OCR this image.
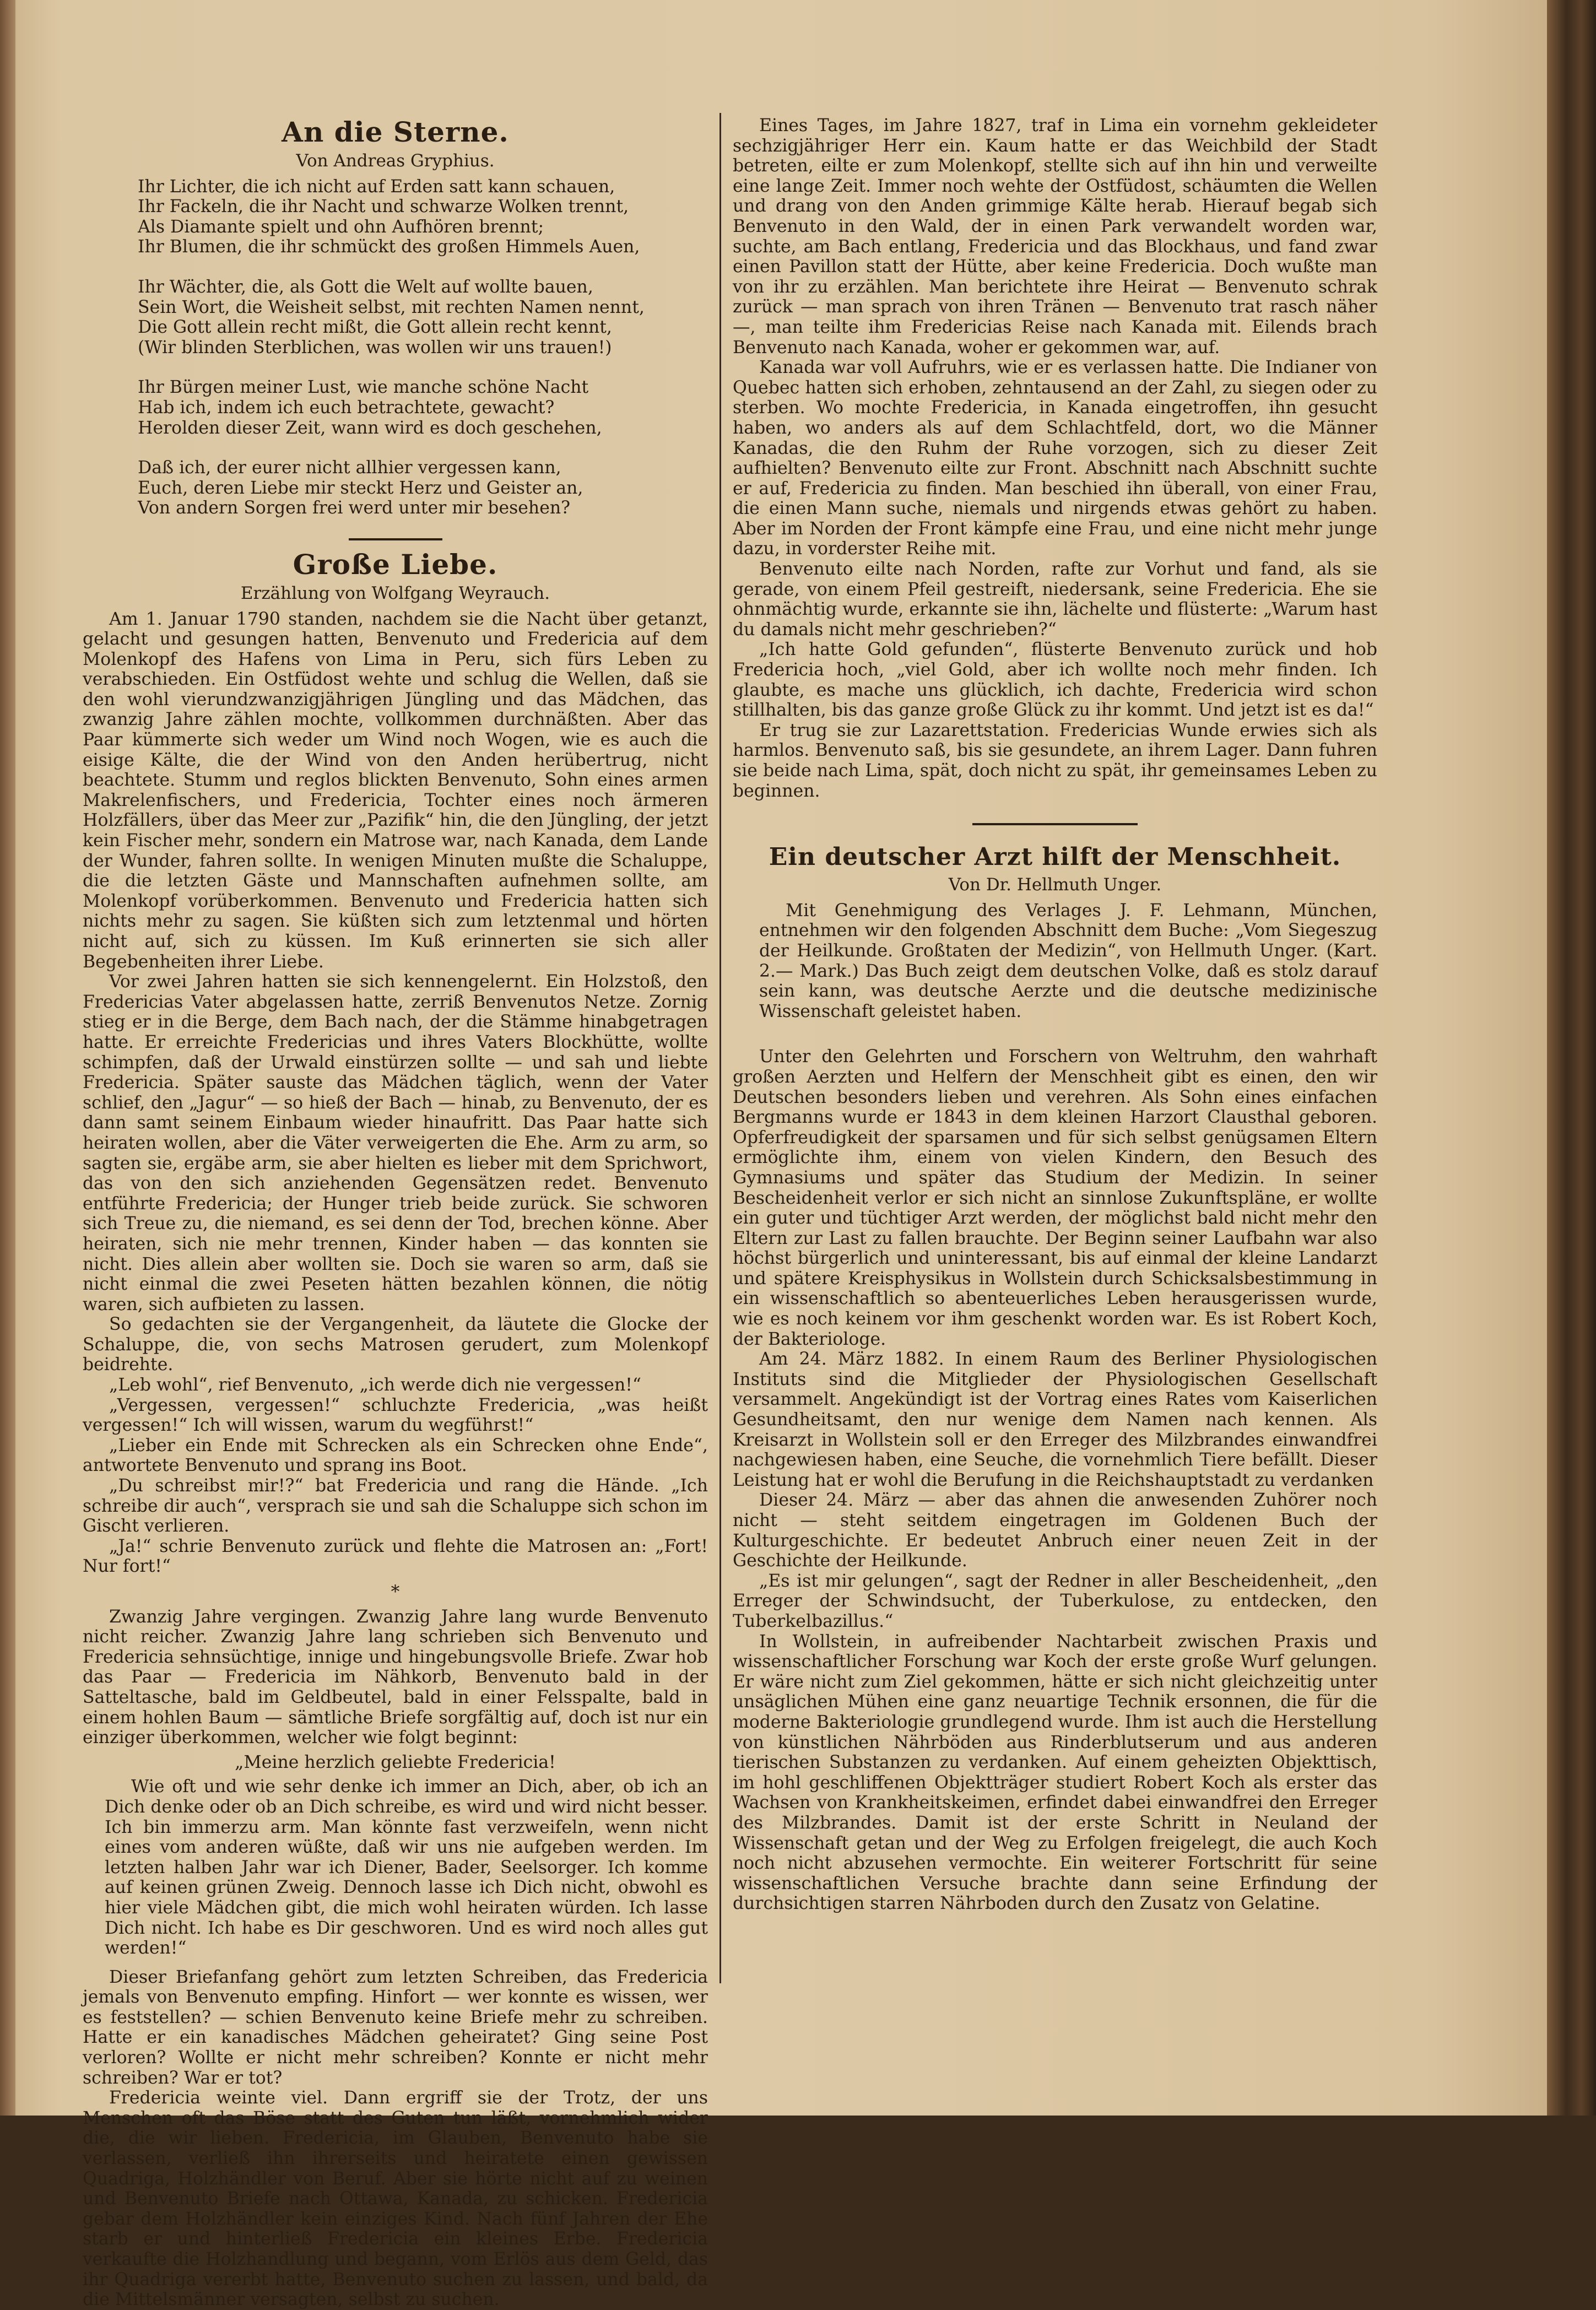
An die Sterne.
Von Andreas Gryphius.
Ihr Lichter, die ich nicht auf Erden satt kann schauen,
Ihr Fackeln, die ihr Nacht und schwarze Wolken trennt,
Als Diamante spielt und ohn Aufhören brennt;
Ihr Blumen, die ihr schmückt des großen Himmels Auen,
Ihr Wächter, die, als Gott die Welt auf wollte bauen,
Sein Wort, die Weisheit selbst, mit rechten Namen nennt,
Die Gott allein recht mißt, die Gott allein recht kennt,
(Wir blinden Sterblichen, was wollen wir uns trauen!)
Ihr Bürgen meiner Lust, wie manche schöne Nacht
Hab ich, indem ich euch betrachtete, gewacht?
Herolden dieser Zeit, wann wird es doch geschehen,
Daß ich, der eurer nicht allhier vergessen kann,
Euch, deren Liebe mir steckt Herz und Geister an,
Von andern Sorgen frei werd unter mir besehen?
Große Liebe.
Erzählung von Wolfgang Weyrauch.

Am 1. Januar 1790 standen, nachdem sie die Nacht über getanzt, gelacht und gesungen hatten, Benvenuto und Fredericia auf dem Molenkopf des Hafens von Lima in Peru, sich fürs Leben zu verabschieden. Ein Ostfüdost wehte und schlug die Wellen, daß sie den wohl vierundzwanzigjährigen Jüngling und das Mädchen, das zwanzig Jahre zählen mochte, vollkommen durchnäßten. Aber das Paar kümmerte sich weder um Wind noch Wogen, wie es auch die eisige Kälte, die der Wind von den Anden herübertrug, nicht beachtete. Stumm und reglos blickten Benvenuto, Sohn eines armen Makrelenfischers, und Fredericia, Tochter eines noch ärmeren Holzfällers, über das Meer zur „Pazifik“ hin, die den Jüngling, der jetzt kein Fischer mehr, sondern ein Matrose war, nach Kanada, dem Lande der Wunder, fahren sollte. In wenigen Minuten mußte die Schaluppe, die die letzten Gäste und Mannschaften aufnehmen sollte, am Molenkopf vorüberkommen. Benvenuto und Fredericia hatten sich nichts mehr zu sagen. Sie küßten sich zum letztenmal und hörten nicht auf, sich zu küssen. Im Kuß erinnerten sie sich aller Begebenheiten ihrer Liebe.

Vor zwei Jahren hatten sie sich kennengelernt. Ein Holzstoß, den Fredericias Vater abgelassen hatte, zerriß Benvenutos Netze. Zornig stieg er in die Berge, dem Bach nach, der die Stämme hinabgetragen hatte. Er erreichte Fredericias und ihres Vaters Blockhütte, wollte schimpfen, daß der Urwald einstürzen sollte — und sah und liebte Fredericia. Später sauste das Mädchen täglich, wenn der Vater schlief, den „Jagur“ — so hieß der Bach — hinab, zu Benvenuto, der es dann samt seinem Einbaum wieder hinaufritt. Das Paar hatte sich heiraten wollen, aber die Väter verweigerten die Ehe. Arm zu arm, so sagten sie, ergäbe arm, sie aber hielten es lieber mit dem Sprichwort, das von den sich anziehenden Gegensätzen redet. Benvenuto entführte Fredericia; der Hunger trieb beide zurück. Sie schworen sich Treue zu, die niemand, es sei denn der Tod, brechen könne. Aber heiraten, sich nie mehr trennen, Kinder haben — das konnten sie nicht. Dies allein aber wollten sie. Doch sie waren so arm, daß sie nicht einmal die zwei Peseten hätten bezahlen können, die nötig waren, sich aufbieten zu lassen.

So gedachten sie der Vergangenheit, da läutete die Glocke der Schaluppe, die, von sechs Matrosen gerudert, zum Molenkopf beidrehte.

„Leb wohl“, rief Benvenuto, „ich werde dich nie vergessen!“

„Vergessen, vergessen!“ schluchzte Fredericia, „was heißt vergessen!“ Ich will wissen, warum du wegführst!“

„Lieber ein Ende mit Schrecken als ein Schrecken ohne Ende“, antwortete Benvenuto und sprang ins Boot.

„Du schreibst mir!?“ bat Fredericia und rang die Hände. „Ich schreibe dir auch“, versprach sie und sah die Schaluppe sich schon im Gischt verlieren.

„Ja!“ schrie Benvenuto zurück und flehte die Matrosen an: „Fort! Nur fort!“

*

Zwanzig Jahre vergingen. Zwanzig Jahre lang wurde Benvenuto nicht reicher. Zwanzig Jahre lang schrieben sich Benvenuto und Fredericia sehnsüchtige, innige und hingebungsvolle Briefe. Zwar hob das Paar — Fredericia im Nähkorb, Benvenuto bald in der Satteltasche, bald im Geldbeutel, bald in einer Felsspalte, bald in einem hohlen Baum — sämtliche Briefe sorgfältig auf, doch ist nur ein einziger überkommen, welcher wie folgt beginnt:

„Meine herzlich geliebte Fredericia!

Wie oft und wie sehr denke ich immer an Dich, aber, ob ich an Dich denke oder ob an Dich schreibe, es wird und wird nicht besser. Ich bin immerzu arm. Man könnte fast verzweifeln, wenn nicht eines vom anderen wüßte, daß wir uns nie aufgeben werden. Im letzten halben Jahr war ich Diener, Bader, Seelsorger. Ich komme auf keinen grünen Zweig. Dennoch lasse ich Dich nicht, obwohl es hier viele Mädchen gibt, die mich wohl heiraten würden. Ich lasse Dich nicht. Ich habe es Dir geschworen. Und es wird noch alles gut werden!“

Dieser Briefanfang gehört zum letzten Schreiben, das Fredericia jemals von Benvenuto empfing. Hinfort — wer konnte es wissen, wer es feststellen? — schien Benvenuto keine Briefe mehr zu schreiben. Hatte er ein kanadisches Mädchen geheiratet? Ging seine Post verloren? Wollte er nicht mehr schreiben? Konnte er nicht mehr schreiben? War er tot?

Fredericia weinte viel. Dann ergriff sie der Trotz, der uns Menschen oft das Böse statt des Guten tun läßt, vornehmlich wider die, die wir lieben. Fredericia, im Glauben, Benvenuto habe sie verlassen, verließ ihn ihrerseits und heiratete einen gewissen Quadriga, Holzhändler von Beruf. Aber sie hörte nicht auf zu weinen und Benvenuto Briefe nach Ottawa, Kanada, zu schicken. Fredericia gebar dem Holzhändler kein einziges Kind. Nach fünf Jahren der Ehe starb er und hinterließ Fredericia ein kleines Erbe. Fredericia verkaufte die Holzhandlung und begann, vom Erlös aus dem Geld, das ihr Quadriga vererbt hatte, Benvenuto suchen zu lassen, und bald, da die Mittelsmänner versagten, selbst zu suchen.

Eines Tages, im Jahre 1827, traf in Lima ein vornehm gekleideter sechzigjähriger Herr ein. Kaum hatte er das Weichbild der Stadt betreten, eilte er zum Molenkopf, stellte sich auf ihn hin und verweilte eine lange Zeit. Immer noch wehte der Ostfüdost, schäumten die Wellen und drang von den Anden grimmige Kälte herab. Hierauf begab sich Benvenuto in den Wald, der in einen Park verwandelt worden war, suchte, am Bach entlang, Fredericia und das Blockhaus, und fand zwar einen Pavillon statt der Hütte, aber keine Fredericia. Doch wußte man von ihr zu erzählen. Man berichtete ihre Heirat — Benvenuto schrak zurück — man sprach von ihren Tränen — Benvenuto trat rasch näher —, man teilte ihm Fredericias Reise nach Kanada mit. Eilends brach Benvenuto nach Kanada, woher er gekommen war, auf.

Kanada war voll Aufruhrs, wie er es verlassen hatte. Die Indianer von Quebec hatten sich erhoben, zehntausend an der Zahl, zu siegen oder zu sterben. Wo mochte Fredericia, in Kanada eingetroffen, ihn gesucht haben, wo anders als auf dem Schlachtfeld, dort, wo die Männer Kanadas, die den Ruhm der Ruhe vorzogen, sich zu dieser Zeit aufhielten? Benvenuto eilte zur Front. Abschnitt nach Abschnitt suchte er auf, Fredericia zu finden. Man beschied ihn überall, von einer Frau, die einen Mann suche, niemals und nirgends etwas gehört zu haben. Aber im Norden der Front kämpfe eine Frau, und eine nicht mehr junge dazu, in vorderster Reihe mit.

Benvenuto eilte nach Norden, rafte zur Vorhut und fand, als sie gerade, von einem Pfeil gestreift, niedersank, seine Fredericia. Ehe sie ohnmächtig wurde, erkannte sie ihn, lächelte und flüsterte: „Warum hast du damals nicht mehr geschrieben?“

„Ich hatte Gold gefunden“, flüsterte Benvenuto zurück und hob Fredericia hoch, „viel Gold, aber ich wollte noch mehr finden. Ich glaubte, es mache uns glücklich, ich dachte, Fredericia wird schon stillhalten, bis das ganze große Glück zu ihr kommt. Und jetzt ist es da!“

Er trug sie zur Lazarettstation. Fredericias Wunde erwies sich als harmlos. Benvenuto saß, bis sie gesundete, an ihrem Lager. Dann fuhren sie beide nach Lima, spät, doch nicht zu spät, ihr gemeinsames Leben zu beginnen.

Ein deutscher Arzt hilft der Menschheit.
Von Dr. Hellmuth Unger.

Mit Genehmigung des Verlages J. F. Lehmann, München, entnehmen wir den folgenden Abschnitt dem Buche: „Vom Siegeszug der Heilkunde. Großtaten der Medizin“, von Hellmuth Unger. (Kart. 2.— Mark.) Das Buch zeigt dem deutschen Volke, daß es stolz darauf sein kann, was deutsche Aerzte und die deutsche medizinische Wissenschaft geleistet haben.

Unter den Gelehrten und Forschern von Weltruhm, den wahrhaft großen Aerzten und Helfern der Menschheit gibt es einen, den wir Deutschen besonders lieben und verehren. Als Sohn eines einfachen Bergmanns wurde er 1843 in dem kleinen Harzort Clausthal geboren. Opferfreudigkeit der sparsamen und für sich selbst genügsamen Eltern ermöglichte ihm, einem von vielen Kindern, den Besuch des Gymnasiums und später das Studium der Medizin. In seiner Bescheidenheit verlor er sich nicht an sinnlose Zukunftspläne, er wollte ein guter und tüchtiger Arzt werden, der möglichst bald nicht mehr den Eltern zur Last zu fallen brauchte. Der Beginn seiner Laufbahn war also höchst bürgerlich und uninteressant, bis auf einmal der kleine Landarzt und spätere Kreisphysikus in Wollstein durch Schicksalsbestimmung in ein wissenschaftlich so abenteuerliches Leben herausgerissen wurde, wie es noch keinem vor ihm geschenkt worden war. Es ist Robert Koch, der Bakteriologe.

Am 24. März 1882. In einem Raum des Berliner Physiologischen Instituts sind die Mitglieder der Physiologischen Gesellschaft versammelt. Angekündigt ist der Vortrag eines Rates vom Kaiserlichen Gesundheitsamt, den nur wenige dem Namen nach kennen. Als Kreisarzt in Wollstein soll er den Erreger des Milzbrandes einwandfrei nachgewiesen haben, eine Seuche, die vornehmlich Tiere befällt. Dieser Leistung hat er wohl die Berufung in die Reichshauptstadt zu verdanken

Dieser 24. März — aber das ahnen die anwesenden Zuhörer noch nicht — steht seitdem eingetragen im Goldenen Buch der Kulturgeschichte. Er bedeutet Anbruch einer neuen Zeit in der Geschichte der Heilkunde.

„Es ist mir gelungen“, sagt der Redner in aller Bescheidenheit, „den Erreger der Schwindsucht, der Tuberkulose, zu entdecken, den Tuberkelbazillus.“

In Wollstein, in aufreibender Nachtarbeit zwischen Praxis und wissenschaftlicher Forschung war Koch der erste große Wurf gelungen. Er wäre nicht zum Ziel gekommen, hätte er sich nicht gleichzeitig unter unsäglichen Mühen eine ganz neuartige Technik ersonnen, die für die moderne Bakteriologie grundlegend wurde. Ihm ist auch die Herstellung von künstlichen Nährböden aus Rinderblutserum und aus anderen tierischen Substanzen zu verdanken. Auf einem geheizten Objekttisch, im hohl geschliffenen Objektträger studiert Robert Koch als erster das Wachsen von Krankheitskeimen, erfindet dabei einwandfrei den Erreger des Milzbrandes. Damit ist der erste Schritt in Neuland der Wissenschaft getan und der Weg zu Erfolgen freigelegt, die auch Koch noch nicht abzusehen vermochte. Ein weiterer Fortschritt für seine wissenschaftlichen Versuche brachte dann seine Erfindung der durchsichtigen starren Nährboden durch den Zusatz von Gelatine.
